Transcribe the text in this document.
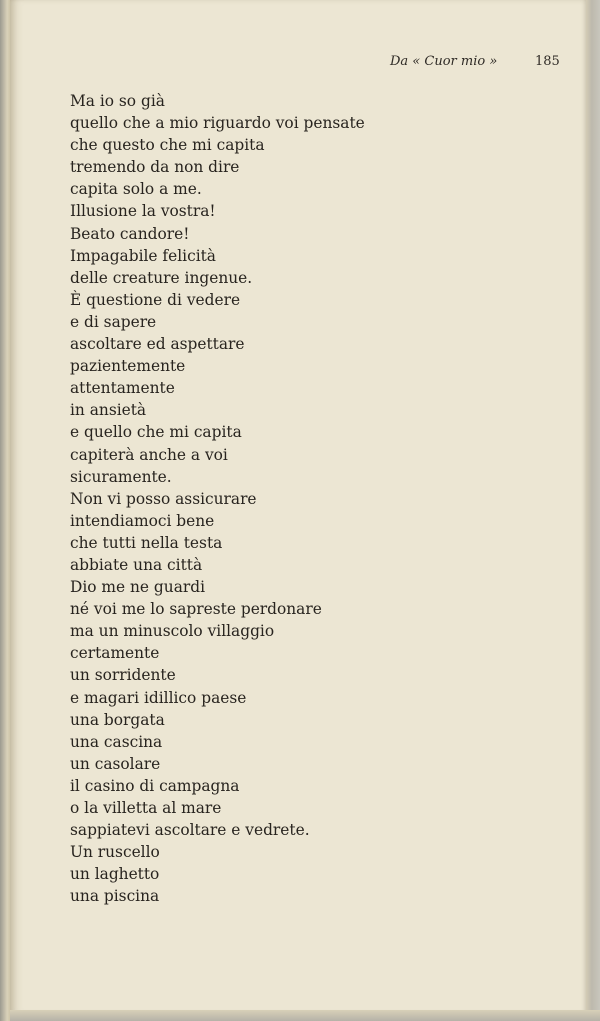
Da « Cuor mio »	185
Ma io so già
quello che a mio riguardo voi pensate
che questo che mi capita
tremendo da non dire
capita solo a me.
Illusione la vostra!
Beato candore!
Impagabile felicità
delle creature ingenue.
È questione di vedere
e di sapere
ascoltare ed aspettare
pazientemente
attentamente
in ansietà
e quello che mi capita
capiterà anche a voi
sicuramente.
Non vi posso assicurare
intendiamoci bene
che tutti nella testa
abbiate una città
Dio me ne guardi
né voi me lo sapreste perdonare
ma un minuscolo villaggio
certamente
un sorridente
e magari idillico paese
una borgata
una cascina
un casolare
il casino di campagna
o la villetta al mare
sappiatevi ascoltare e vedrete.
Un ruscello
un laghetto
una piscina
